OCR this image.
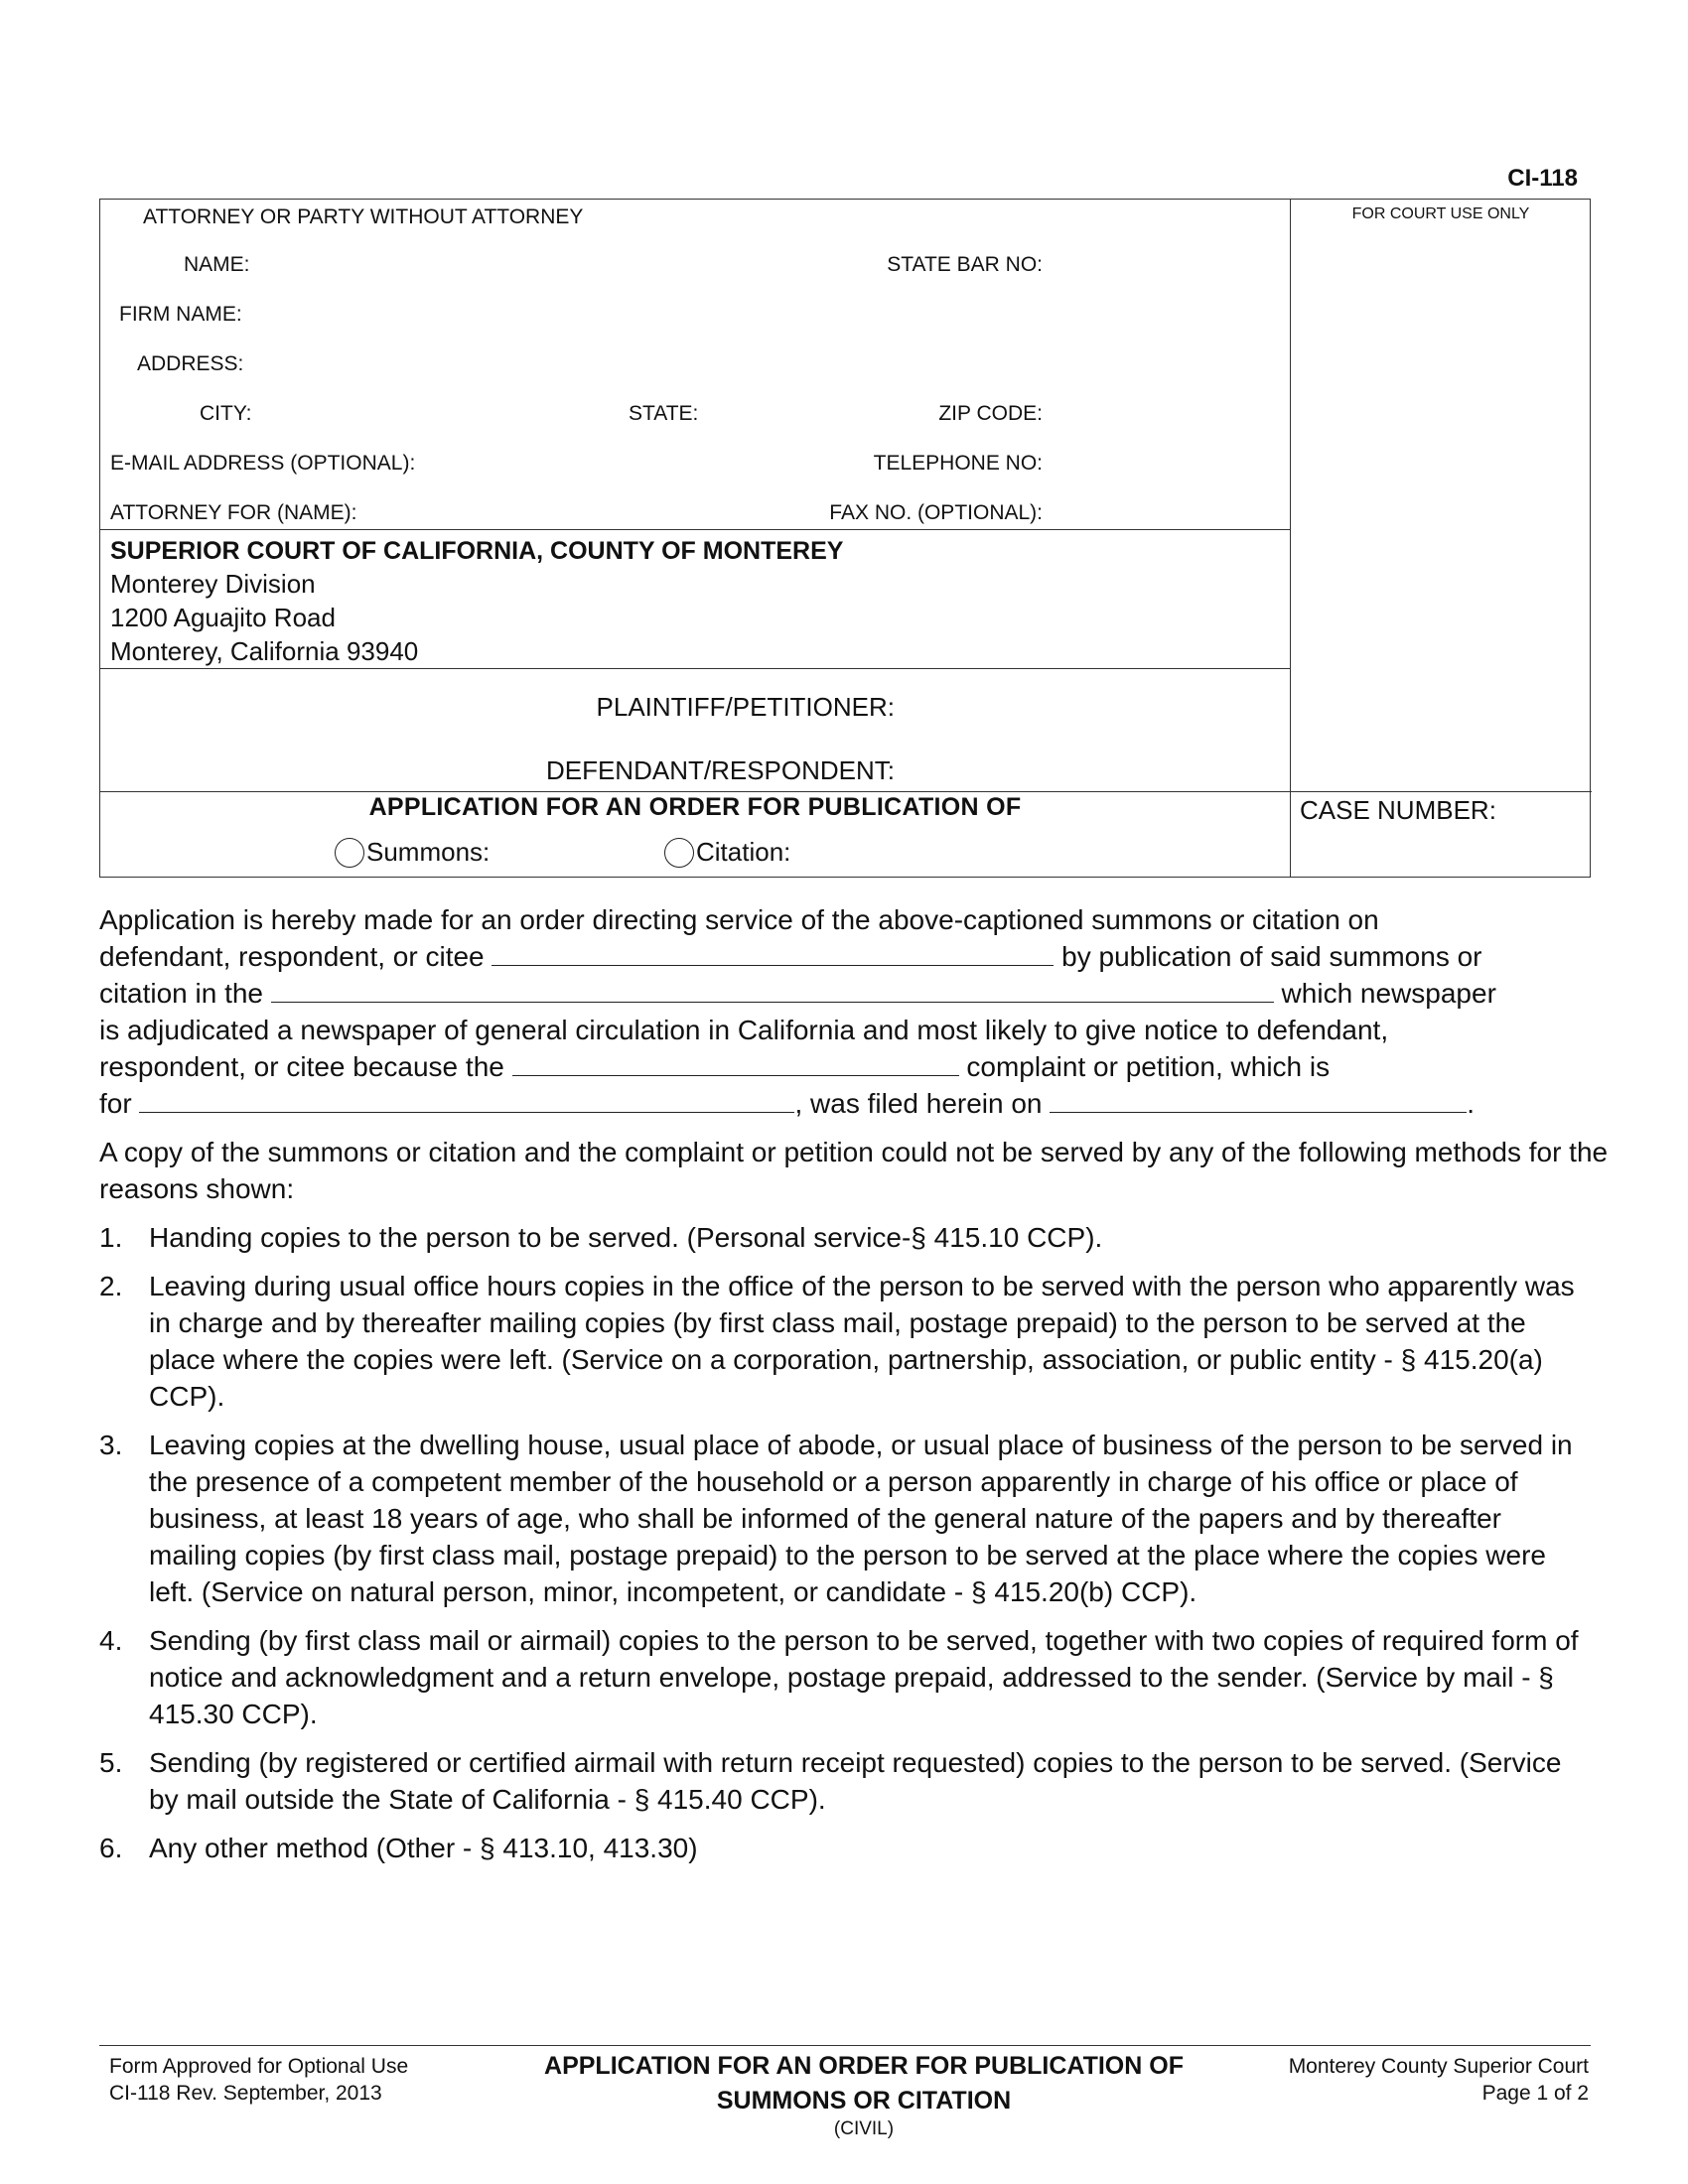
CI-118
ATTORNEY OR PARTY WITHOUT ATTORNEY
NAME:	STATE BAR NO:
FIRM NAME:
ADDRESS:
CITY:	STATE:	ZIP CODE:
E-MAIL ADDRESS (OPTIONAL):	TELEPHONE NO:
ATTORNEY FOR (NAME):	FAX NO. (OPTIONAL):
FOR COURT USE ONLY
SUPERIOR COURT OF CALIFORNIA, COUNTY OF MONTEREY
Monterey Division
1200 Aguajito Road
Monterey, California 93940
PLAINTIFF/PETITIONER:
DEFENDANT/RESPONDENT:
APPLICATION FOR AN ORDER FOR PUBLICATION OF
Summons:	Citation:
CASE NUMBER:
Application is hereby made for an order directing service of the above-captioned summons or citation on
defendant, respondent, or citee	by publication of said summons or
citation in the	which newspaper
is adjudicated a newspaper of general circulation in California and most likely to give notice to defendant,
respondent, or citee because the	complaint or petition, which is
for	, was filed herein on	.
A copy of the summons or citation and the complaint or petition could not be served by any of the following methods for the reasons shown:
1. Handing copies to the person to be served. (Personal service-§ 415.10 CCP).
2. Leaving during usual office hours copies in the office of the person to be served with the person who apparently was in charge and by thereafter mailing copies (by first class mail, postage prepaid) to the person to be served at the place where the copies were left. (Service on a corporation, partnership, association, or public entity - § 415.20(a) CCP).
3. Leaving copies at the dwelling house, usual place of abode, or usual place of business of the person to be served in the presence of a competent member of the household or a person apparently in charge of his office or place of business, at least 18 years of age, who shall be informed of the general nature of the papers and by thereafter mailing copies (by first class mail, postage prepaid) to the person to be served at the place where the copies were left. (Service on natural person, minor, incompetent, or candidate - § 415.20(b) CCP).
4. Sending (by first class mail or airmail) copies to the person to be served, together with two copies of required form of notice and acknowledgment and a return envelope, postage prepaid, addressed to the sender. (Service by mail - § 415.30 CCP).
5. Sending (by registered or certified airmail with return receipt requested) copies to the person to be served. (Service by mail outside the State of California - § 415.40 CCP).
6. Any other method (Other - § 413.10, 413.30)
Form Approved for Optional Use
CI-118 Rev. September, 2013
APPLICATION FOR AN ORDER FOR PUBLICATION OF
SUMMONS OR CITATION
(CIVIL)
Monterey County Superior Court
Page 1 of 2
